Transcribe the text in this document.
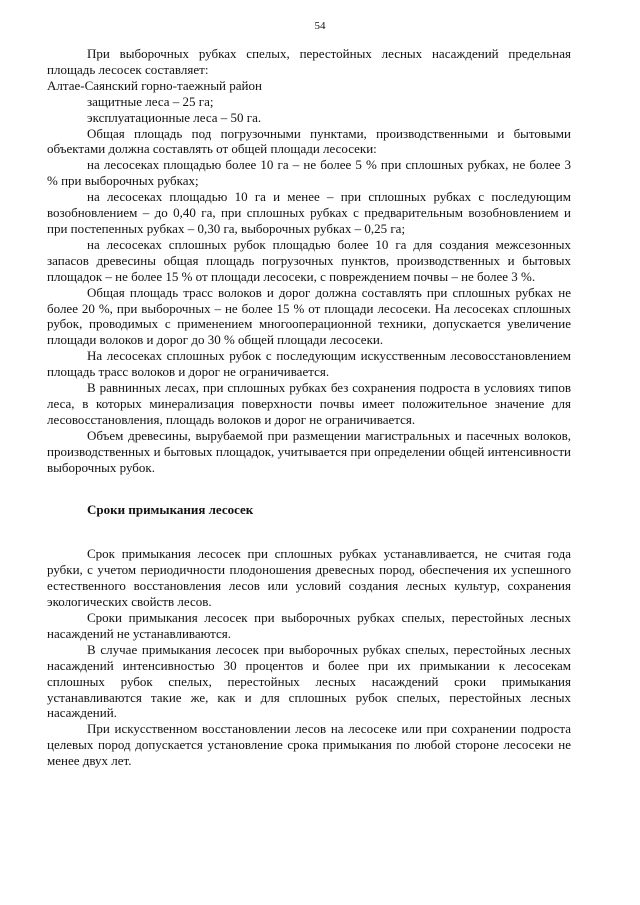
54

При выборочных рубках спелых, перестойных лесных насаждений предельная площадь лесосек составляет:

Алтае-Саянский горно-таежный район

защитные леса – 25 га;

эксплуатационные леса – 50 га.

Общая площадь под погрузочными пунктами, производственными и бытовыми объектами должна составлять от общей площади лесосеки:

на лесосеках площадью более 10 га – не более 5 % при сплошных рубках, не более 3 % при выборочных рубках;

на лесосеках площадью 10 га и менее – при сплошных рубках с последующим возобновлением – до 0,40 га, при сплошных рубках с предварительным возобновлением и при постепенных рубках – 0,30 га, выборочных рубках – 0,25 га;

на лесосеках сплошных рубок площадью более 10 га для создания межсезонных запасов древесины общая площадь погрузочных пунктов, производственных и бытовых площадок – не более 15 % от площади лесосеки, с повреждением почвы – не более 3 %.

Общая площадь трасс волоков и дорог должна составлять при сплошных рубках не более 20 %, при выборочных – не более 15 % от площади лесосеки. На лесосеках сплошных рубок, проводимых с применением многооперационной техники, допускается увеличение площади волоков и дорог до 30 % общей площади лесосеки.

На лесосеках сплошных рубок с последующим искусственным лесовосстановлением площадь трасс волоков и дорог не ограничивается.

В равнинных лесах, при сплошных рубках без сохранения подроста в условиях типов леса, в которых минерализация поверхности почвы имеет положительное значение для лесовосстановления, площадь волоков и дорог не ограничивается.

Объем древесины, вырубаемой при размещении магистральных и пасечных волоков, производственных и бытовых площадок, учитывается при определении общей интенсивности выборочных рубок.

Сроки примыкания лесосек

Срок примыкания лесосек при сплошных рубках устанавливается, не считая года рубки, с учетом периодичности плодоношения древесных пород, обеспечения их успешного естественного восстановления лесов или условий создания лесных культур, сохранения экологических свойств лесов.

Сроки примыкания лесосек при выборочных рубках спелых, перестойных лесных насаждений не устанавливаются.

В случае примыкания лесосек при выборочных рубках спелых, перестойных лесных насаждений интенсивностью 30 процентов и более при их примыкании к лесосекам сплошных рубок спелых, перестойных лесных насаждений сроки примыкания устанавливаются такие же, как и для сплошных рубок спелых, перестойных лесных насаждений.

При искусственном восстановлении лесов на лесосеке или при сохранении подроста целевых пород допускается установление срока примыкания по любой стороне лесосеки не менее двух лет.
